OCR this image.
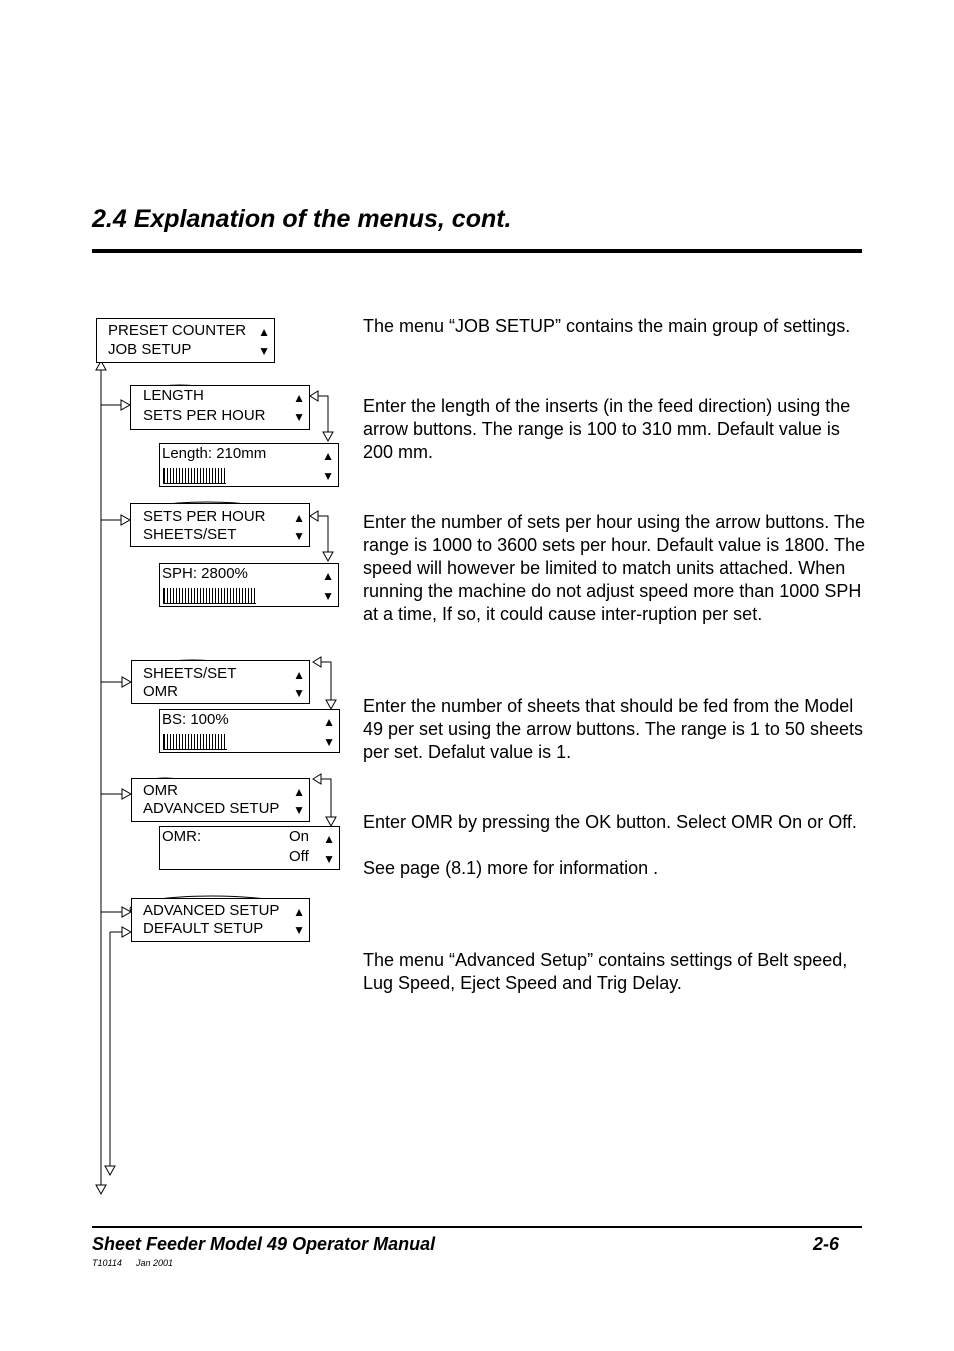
2.4 Explanation of the menus, cont.
PRESET COUNTER
JOB SETUP
▲
▼
LENGTH
SETS PER HOUR
▲
▼
Length: 210mm	▲
▼
SETS PER HOUR
SHEETS/SET
▲
▼
SPH: 2800%	▲
▼
SHEETS/SET
OMR
▲
▼
BS: 100%	▲
▼
OMR
ADVANCED SETUP
▲
▼
OMR:	On
Off
▲
▼
ADVANCED SETUP
DEFAULT SETUP
▲
▼

The menu “JOB SETUP” contains the main group of settings.

Enter the length of the inserts (in the feed direction) using the arrow buttons. The range is 100 to 310 mm. Default value is 200 mm.

Enter the number of sets per hour using the arrow buttons. The range is 1000 to 3600 sets per hour. Default value is 1800. The speed will however be limited to match units attached. When running the machine do not adjust speed more than 1000 SPH at a time, If so, it could cause inter-ruption per set.

Enter the number of sheets that should be fed from the Model 49 per set using the arrow buttons. The range is 1 to 50 sheets per set. Defalut value is 1.

Enter OMR by pressing the OK button. Select OMR On or Off.

See page (8.1) more for information .

The menu “Advanced Setup” contains settings of Belt speed, Lug Speed, Eject Speed and Trig Delay.

Sheet Feeder Model 49 Operator Manual	2-6
T10114 Jan 2001
